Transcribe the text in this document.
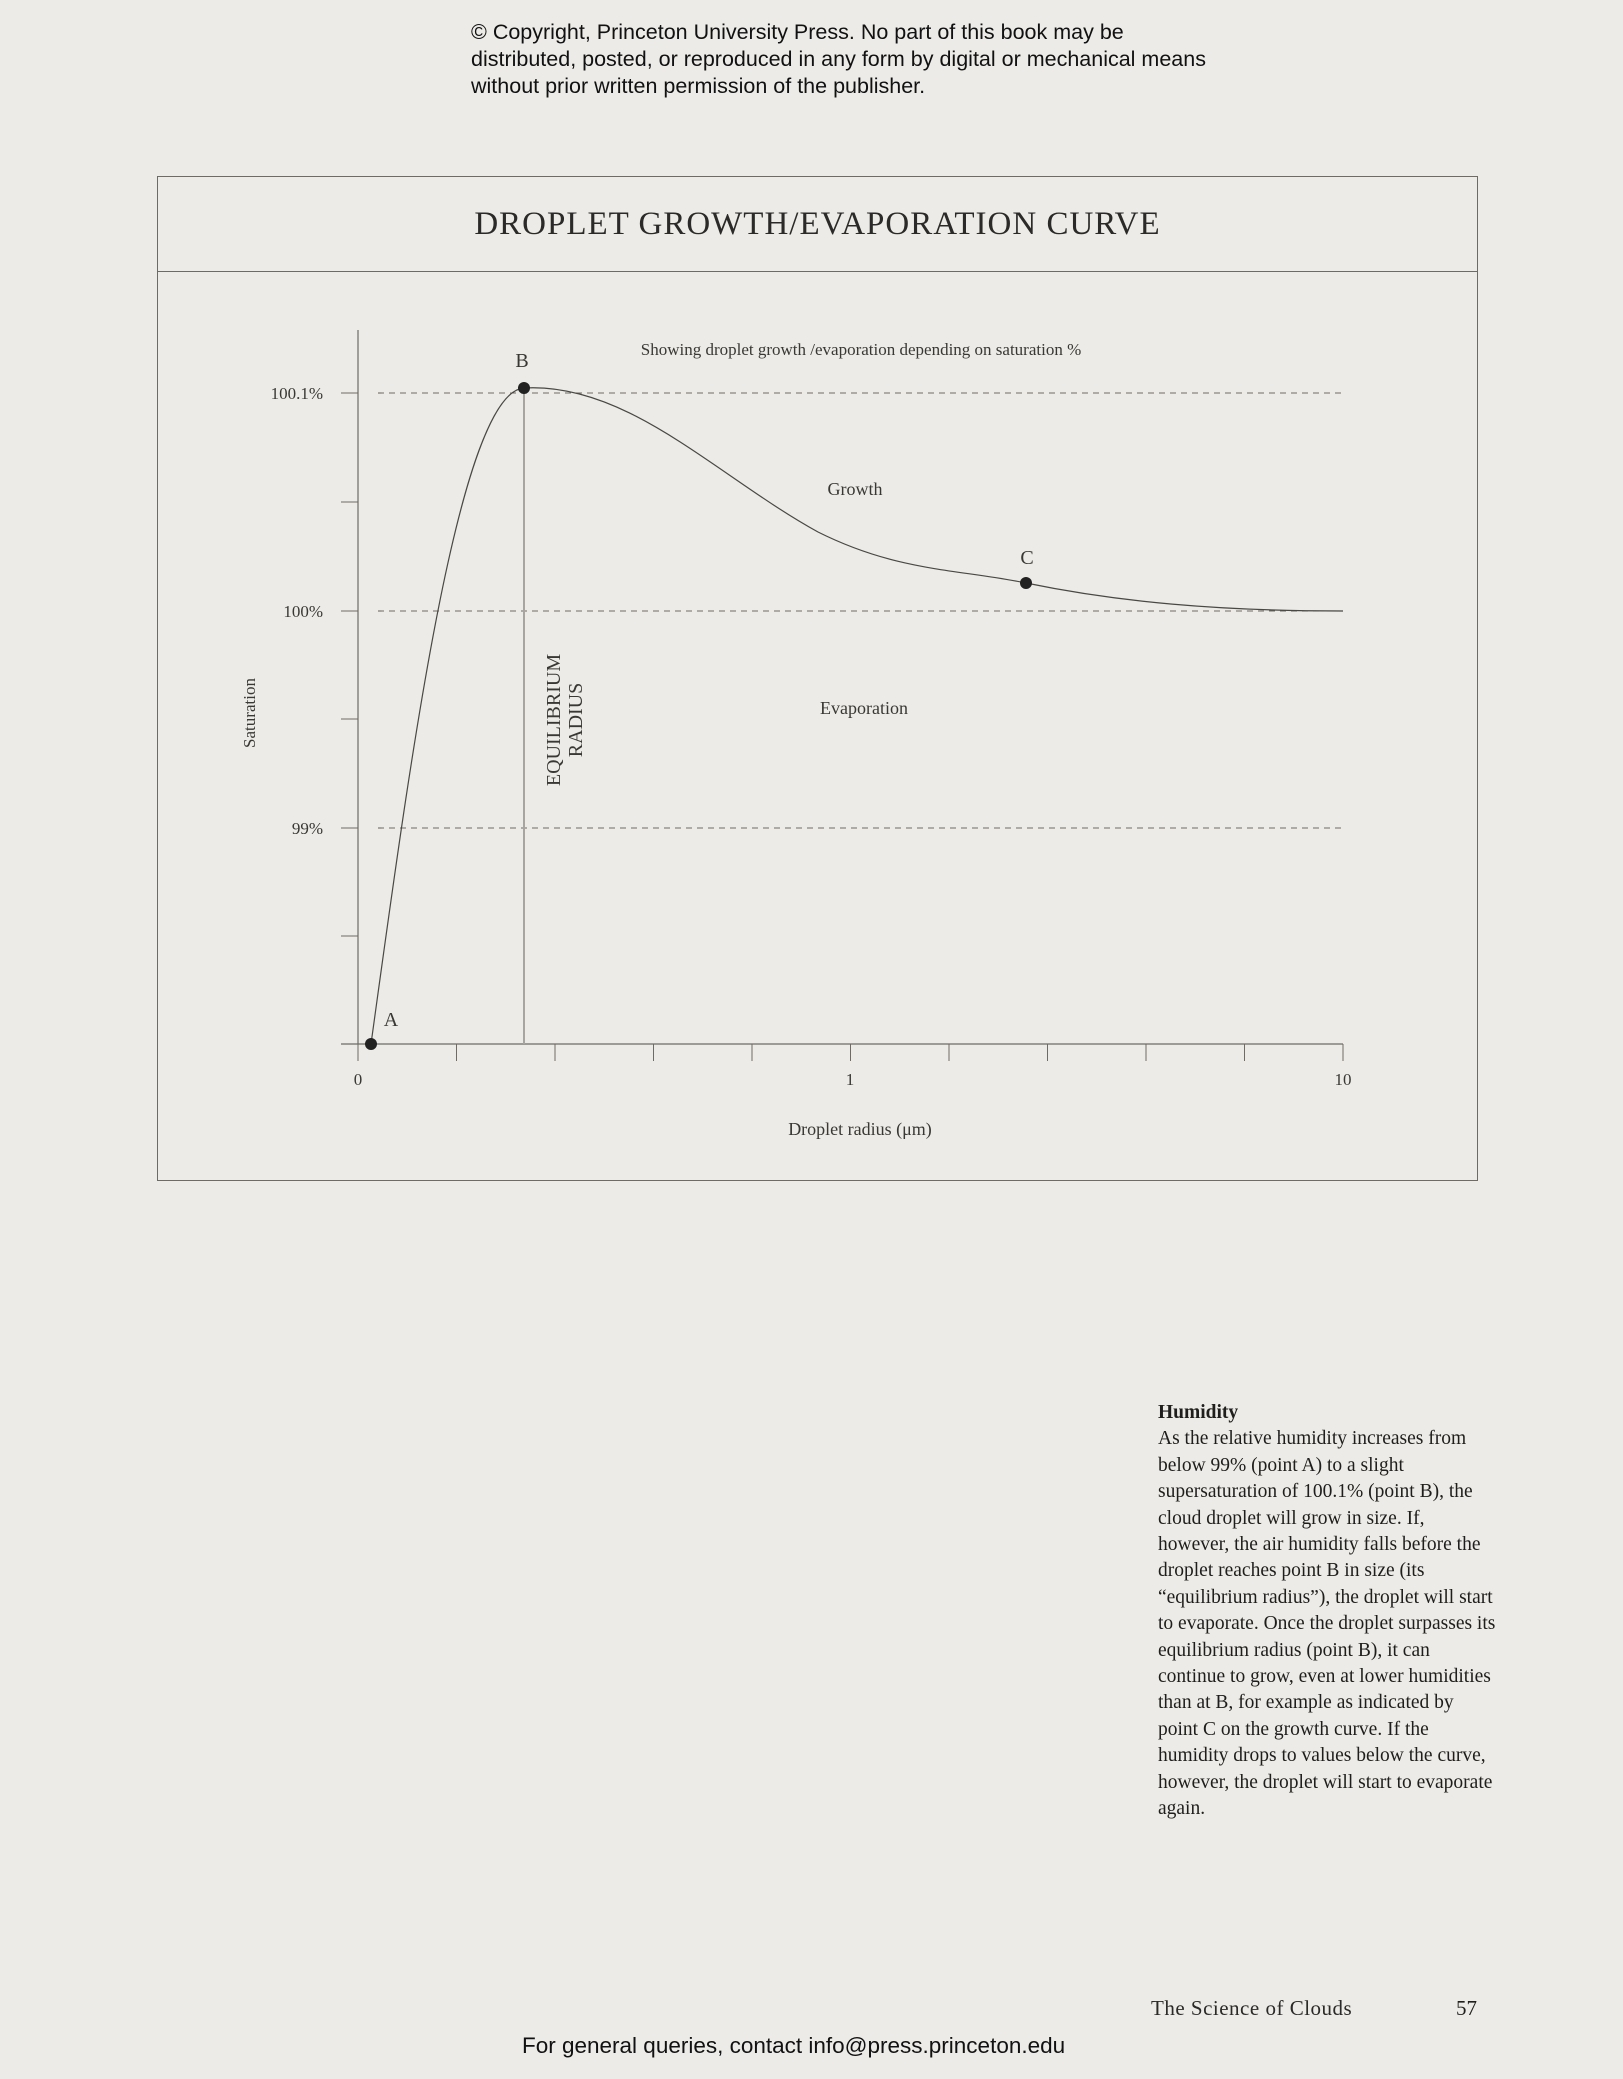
© Copyright, Princeton University Press. No part of this book may be distributed, posted, or reproduced in any form by digital or mechanical means without prior written permission of the publisher.
DROPLET GROWTH/EVAPORATION CURVE
99%
100%
100.1%
0	1	10
A
B
C
Showing droplet growth /evaporation depending on saturation %
Growth
Evaporation
EQUILIBRIUM RADIUS
Saturation
Droplet radius (μm)
Humidity

As the relative humidity increases from below 99% (point A) to a slight supersaturation of 100.1% (point B), the cloud droplet will grow in size. If, however, the air humidity falls before the droplet reaches point B in size (its “equilibrium radius”), the droplet will start to evaporate. Once the droplet surpasses its equilibrium radius (point B), it can continue to grow, even at lower humidities than at B, for example as indicated by point C on the growth curve. If the humidity drops to values below the curve, however, the droplet will start to evaporate again.

The Science of Clouds	57
For general queries, contact info@press.princeton.edu
